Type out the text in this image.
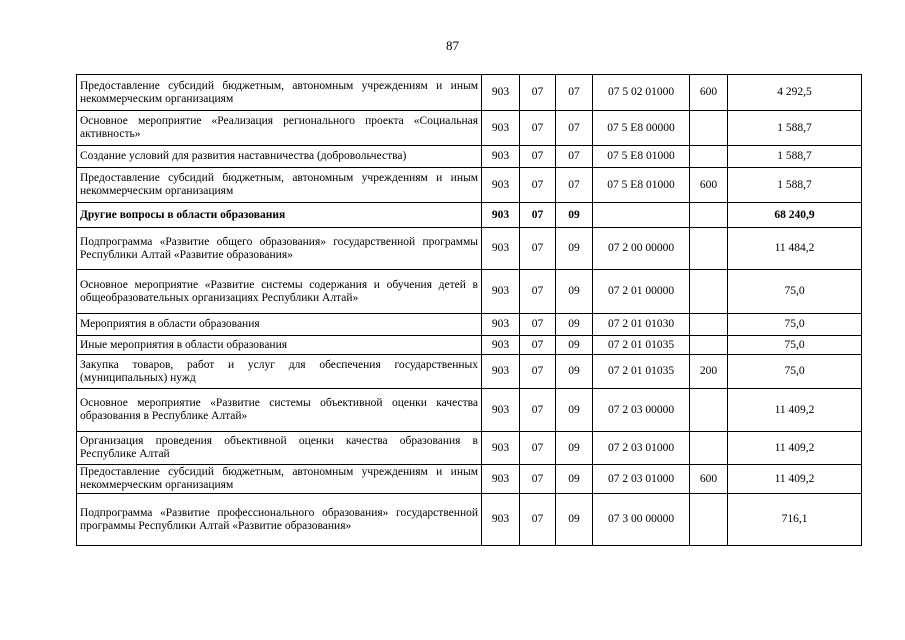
87
Предоставление субсидий бюджетным, автономным учреждениям и иным некоммерческим организациям	903	07	07	07 5 02 01000	600	4 292,5
Основное мероприятие «Реализация регионального проекта «Социальная активность»	903	07	07	07 5 Е8 00000		1 588,7
Создание условий для развития наставничества (добровольчества)	903	07	07	07 5 Е8 01000		1 588,7
Предоставление субсидий бюджетным, автономным учреждениям и иным некоммерческим организациям	903	07	07	07 5 Е8 01000	600	1 588,7
Другие вопросы в области образования	903	07	09			68 240,9
Подпрограмма «Развитие общего образования» государственной программы Республики Алтай «Развитие образования»	903	07	09	07 2 00 00000		11 484,2
Основное мероприятие «Развитие системы содержания и обучения детей в общеобразовательных организациях Республики Алтай»	903	07	09	07 2 01 00000		75,0
Мероприятия в области образования	903	07	09	07 2 01 01030		75,0
Иные мероприятия в области образования	903	07	09	07 2 01 01035		75,0
Закупка товаров, работ и услуг для обеспечения государственных (муниципальных) нужд	903	07	09	07 2 01 01035	200	75,0
Основное мероприятие «Развитие системы объективной оценки качества образования в Республике Алтай»	903	07	09	07 2 03 00000		11 409,2
Организация проведения объективной оценки качества образования в Республике Алтай	903	07	09	07 2 03 01000		11 409,2
Предоставление субсидий бюджетным, автономным учреждениям и иным некоммерческим организациям	903	07	09	07 2 03 01000	600	11 409,2
Подпрограмма «Развитие профессионального образования» государственной программы Республики Алтай «Развитие образования»	903	07	09	07 3 00 00000		716,1
